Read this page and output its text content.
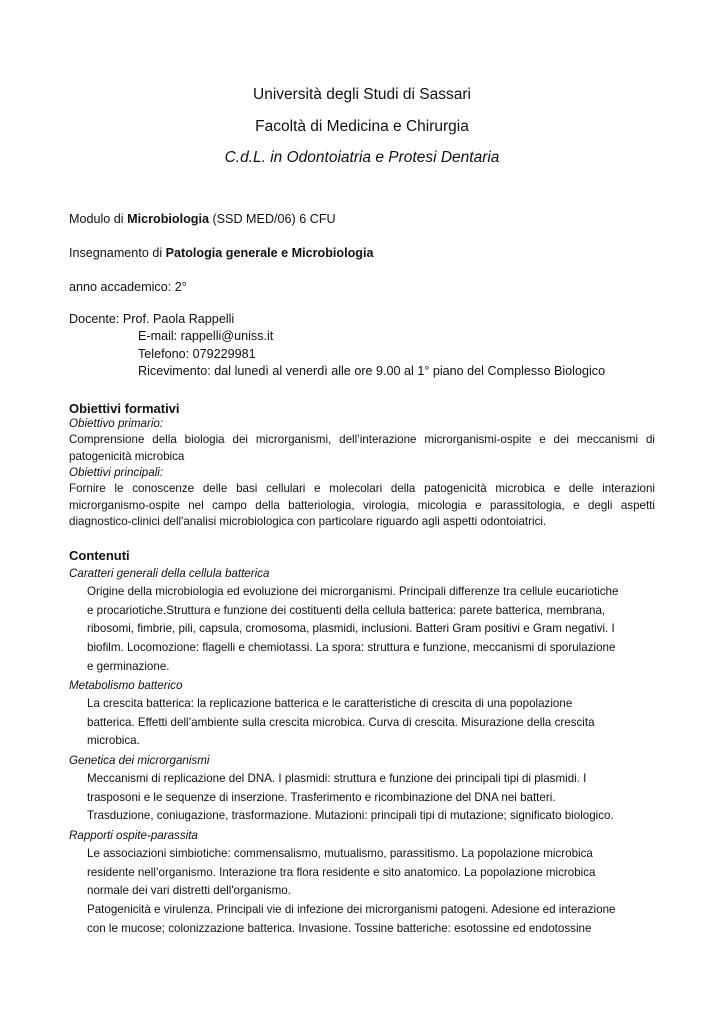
Università degli Studi di Sassari
Facoltà di Medicina e Chirurgia
C.d.L. in Odontoiatria e Protesi Dentaria
Modulo di Microbiologia (SSD MED/06) 6 CFU
Insegnamento di Patologia generale e Microbiologia
anno accademico: 2°
Docente: Prof. Paola Rappelli
E-mail: rappelli@uniss.it
Telefono: 079229981
Ricevimento: dal lunedì al venerdì alle ore 9.00 al 1° piano del Complesso Biologico
Obiettivi formativi
Obiettivo primario:

Comprensione della biologia dei microrganismi, dell’interazione microrganismi-ospite e dei meccanismi di patogenicità microbica

Obiettivi principali:

Fornire le conoscenze delle basi cellulari e molecolari della patogenicità microbica e delle interazioni microrganismo-ospite nel campo della batteriologia, virologia, micologia e parassitologia, e degli aspetti diagnostico-clinici dell'analisi microbiologica con particolare riguardo agli aspetti odontoiatrici.

Contenuti
Caratteri generali della cellula batterica
Origine della microbiologia ed evoluzione dei microrganismi. Principali differenze tra cellule eucariotiche
e procariotiche.Struttura e funzione dei costituenti della cellula batterica: parete batterica, membrana,
ribosomi, fimbrie, pili, capsula, cromosoma, plasmidi, inclusioni. Batteri Gram positivi e Gram negativi. I
biofilm. Locomozione: flagelli e chemiotassi. La spora: struttura e funzione, meccanismi di sporulazione
e germinazione.
Metabolismo batterico
La crescita batterica: la replicazione batterica e le caratteristiche di crescita di una popolazione
batterica. Effetti dell’ambiente sulla crescita microbica. Curva di crescita. Misurazione della crescita
microbica.
Genetica dei microrganismi
Meccanismi di replicazione del DNA. I plasmidi: struttura e funzione dei principali tipi di plasmidi. I
trasposoni e le sequenze di inserzione. Trasferimento e ricombinazione del DNA nei batteri.
Trasduzione, coniugazione, trasformazione. Mutazioni: principali tipi di mutazione; significato biologico.
Rapporti ospite-parassita
Le associazioni simbiotiche: commensalismo, mutualismo, parassitismo. La popolazione microbica
residente nell’organismo. Interazione tra flora residente e sito anatomico. La popolazione microbica
normale dei vari distretti dell'organismo.
Patogenicità e virulenza. Principali vie di infezione dei microrganismi patogeni. Adesione ed interazione
con le mucose; colonizzazione batterica. Invasione. Tossine batteriche: esotossine ed endotossine
